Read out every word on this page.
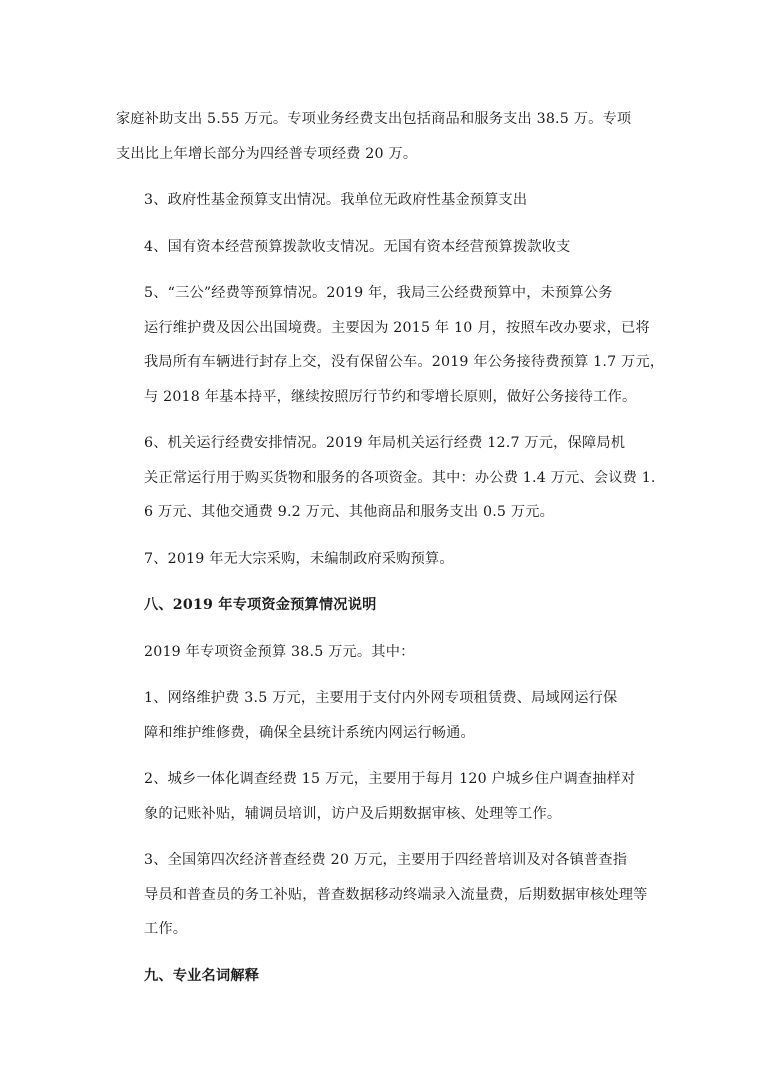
家庭补助支出 5.55 万元。专项业务经费支出包括商品和服务支出 38.5 万。专项
支出比上年增长部分为四经普专项经费 20 万。

3、政府性基金预算支出情况。我单位无政府性基金预算支出

4、国有资本经营预算拨款收支情况。无国有资本经营预算拨款收支

5、“三公”经费等预算情况。2019 年，我局三公经费预算中，未预算公务
运行维护费及因公出国境费。主要因为 2015 年 10 月，按照车改办要求，已将
我局所有车辆进行封存上交，没有保留公车。2019 年公务接待费预算 1.7 万元，
与 2018 年基本持平，继续按照厉行节约和零增长原则，做好公务接待工作。

6、机关运行经费安排情况。2019 年局机关运行经费 12.7 万元，保障局机
关正常运行用于购买货物和服务的各项资金。其中：办公费 1.4 万元、会议费 1.
6 万元、其他交通费 9.2 万元、其他商品和服务支出 0.5 万元。

7、2019 年无大宗采购，未编制政府采购预算。

八、2019 年专项资金预算情况说明

2019 年专项资金预算 38.5 万元。其中：

1、网络维护费 3.5 万元，主要用于支付内外网专项租赁费、局域网运行保
障和维护维修费，确保全县统计系统内网运行畅通。

2、城乡一体化调查经费 15 万元，主要用于每月 120 户城乡住户调查抽样对
象的记账补贴，辅调员培训，访户及后期数据审核、处理等工作。

3、全国第四次经济普查经费 20 万元，主要用于四经普培训及对各镇普查指
导员和普查员的务工补贴，普查数据移动终端录入流量费，后期数据审核处理等
工作。

九、专业名词解释
